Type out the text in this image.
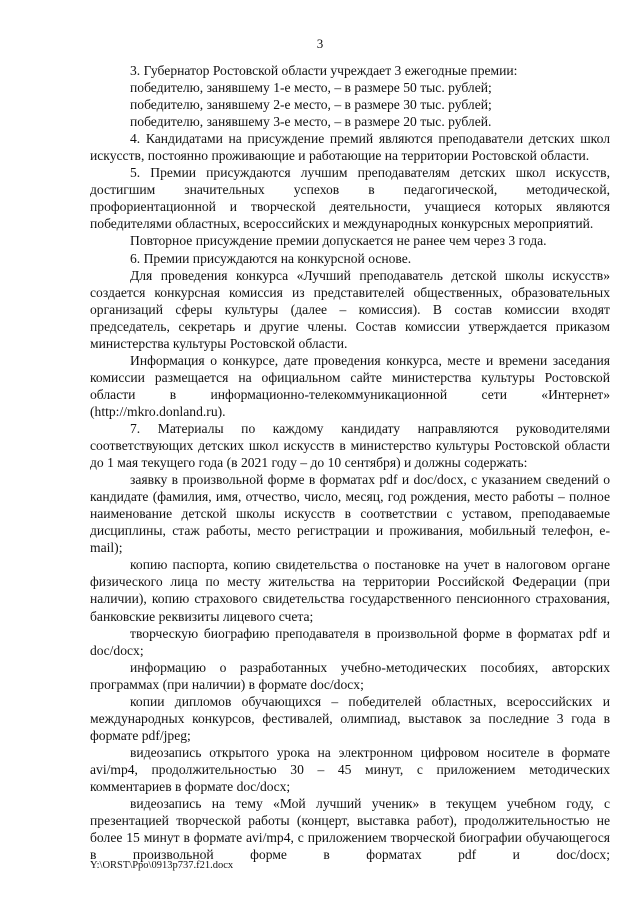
3

3. Губернатор Ростовской области учреждает 3 ежегодные премии:

победителю, занявшему 1-е место, – в размере 50 тыс. рублей;

победителю, занявшему 2-е место, – в размере 30 тыс. рублей;

победителю, занявшему 3-е место, – в размере 20 тыс. рублей.

4. Кандидатами на присуждение премий являются преподаватели детских школ искусств, постоянно проживающие и работающие на территории Ростовской области.

5. Премии присуждаются лучшим преподавателям детских школ искусств, достигшим значительных успехов в педагогической, методической, профориентационной и творческой деятельности, учащиеся которых являются победителями областных, всероссийских и международных конкурсных мероприятий.

Повторное присуждение премии допускается не ранее чем через 3 года.

6. Премии присуждаются на конкурсной основе.

Для проведения конкурса «Лучший преподаватель детской школы искусств» создается конкурсная комиссия из представителей общественных, образовательных организаций сферы культуры (далее – комиссия). В состав комиссии входят председатель, секретарь и другие члены. Состав комиссии утверждается приказом министерства культуры Ростовской области.

Информация о конкурсе, дате проведения конкурса, месте и времени заседания комиссии размещается на официальном сайте министерства культуры Ростовской области в информационно-телекоммуникационной сети «Интернет» (http://mkro.donland.ru).

7. Материалы по каждому кандидату направляются руководителями соответствующих детских школ искусств в министерство культуры Ростовской области до 1 мая текущего года (в 2021 году – до 10 сентября) и должны содержать:

заявку в произвольной форме в форматах pdf и doc/docx, с указанием сведений о кандидате (фамилия, имя, отчество, число, месяц, год рождения, место работы – полное наименование детской школы искусств в соответствии с уставом, преподаваемые дисциплины, стаж работы, место регистрации и проживания, мобильный телефон, e-mail);

копию паспорта, копию свидетельства о постановке на учет в налоговом органе физического лица по месту жительства на территории Российской Федерации (при наличии), копию страхового свидетельства государственного пенсионного страхования, банковские реквизиты лицевого счета;

творческую биографию преподавателя в произвольной форме в форматах pdf и doc/docx;

информацию о разработанных учебно-методических пособиях, авторских программах (при наличии) в формате doc/docx;

копии дипломов обучающихся – победителей областных, всероссийских и международных конкурсов, фестивалей, олимпиад, выставок за последние 3 года в формате pdf/jpeg;

видеозапись открытого урока на электронном цифровом носителе в формате avi/mp4, продолжительностью 30 – 45 минут, с приложением методических комментариев в формате doc/docx;

видеозапись на тему «Мой лучший ученик» в текущем учебном году, с презентацией творческой работы (концерт, выставка работ), продолжительностью не более 15 минут в формате avi/mp4, с приложением творческой биографии обучающегося в произвольной форме в форматах pdf и doc/docx;

Y:\ORST\Ppo\0913p737.f21.docx
